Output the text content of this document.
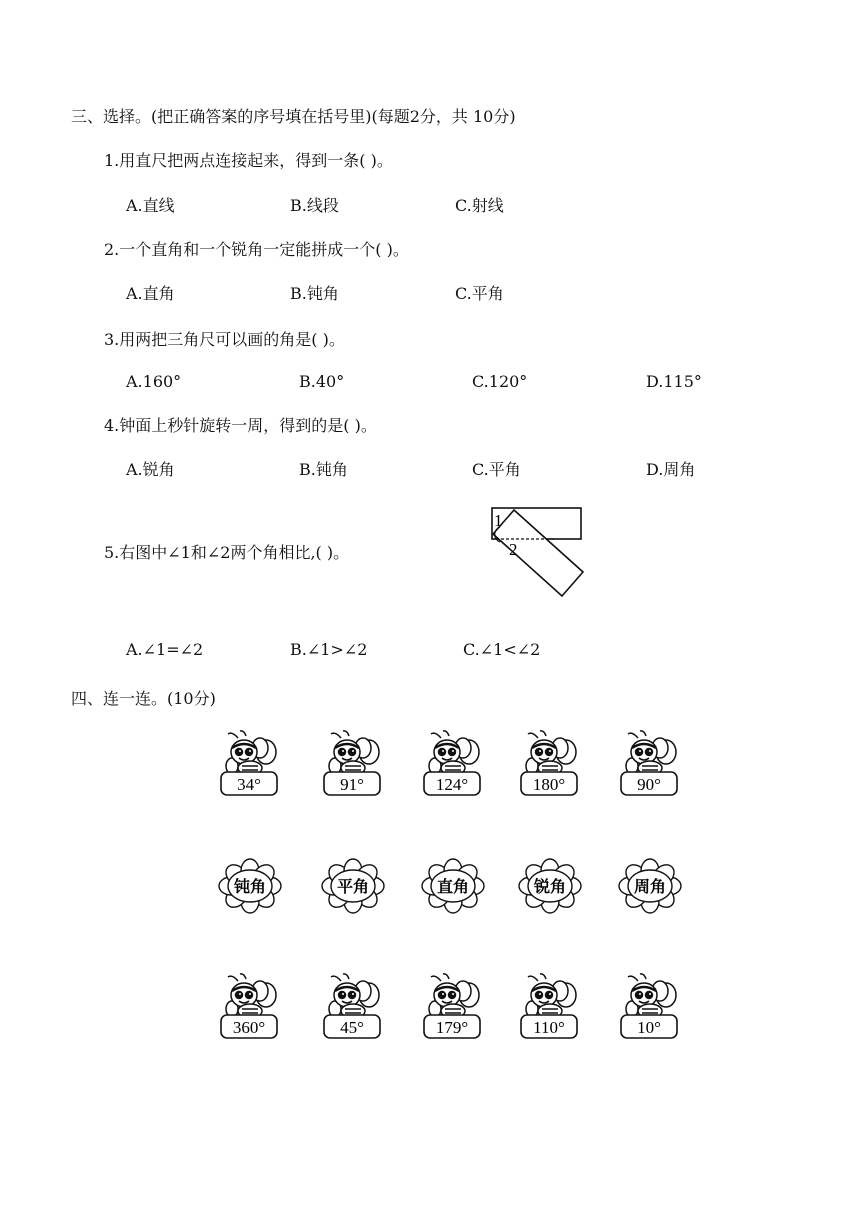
三、选择。(把正确答案的序号填在括号里)(每题2分，共 10分)
1.用直尺把两点连接起来，得到一条( )。
A.直线	B.线段	C.射线
2.一个直角和一个锐角一定能拼成一个( )。
A.直角	B.钝角	C.平角
3.用两把三角尺可以画的角是( )。
A.160°	B.40°	C.120°	D.115°
4.钟面上秒针旋转一周，得到的是( )。
A.锐角	B.钝角	C.平角	D.周角
5.右图中∠1和∠2两个角相比,( )。
1
2
A.∠1=∠2	B.∠1>∠2	C.∠1<∠2
四、连一连。(10分)
34°	91°	124°	180°	90°
钝角	平角	直角	锐角	周角
360°	45°	179°	110°	10°
